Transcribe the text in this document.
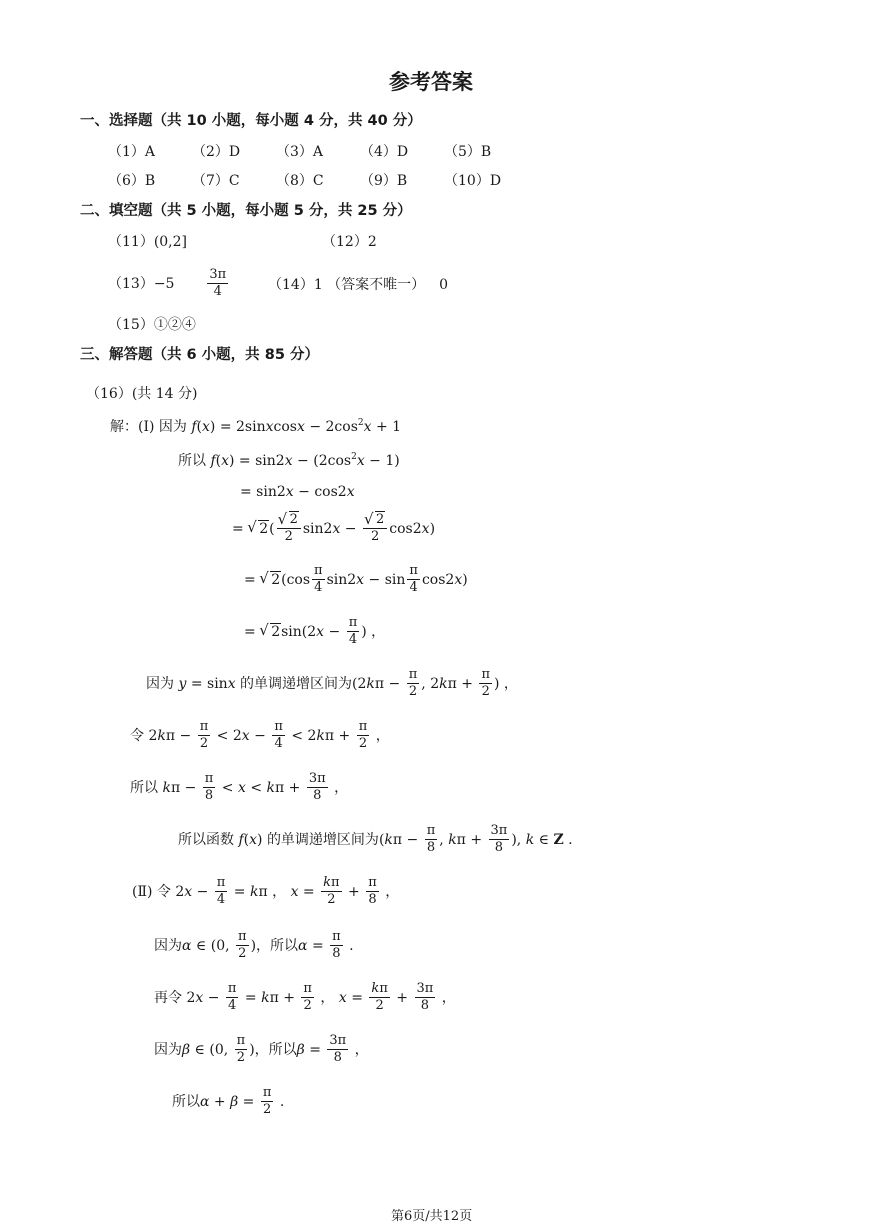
参考答案
一、选择题（共 10 小题，每小题 4 分，共 40 分）
（1）A	（2）D	（3）A	（4）D	（5）B
（6）B	（7）C	（8）C	（9）B	（10）D
二、填空题（共 5 小题，每小题 5 分，共 25 分）
（11）(0,2]	（12）2
（13）−5	$\frac{3\pi}{4}$	（14）1 （答案不唯一） 0
（15）①②④
三、解答题（共 6 小题，共 85 分）
（16）(共 14 分)
解：(Ⅰ) 因为 f(x) = 2sinxcosx − $2\cos^2x + 1$
所以 $f(x) = \sin 2x - (2\cos^2x - 1)$
= sin2x − cos2x
= √ 2( √ $\frac{2}{2} \sin 2x$ − √ $\frac{2}{2} \cos 2x$)
= √ $2(\cos \frac{\pi}{4} \sin 2x - \sin \frac{\pi}{4} \cos 2x)$
= √ $2\sin(2x - \frac{\pi}{4}$ ) ，
因为 y = sinx 的单调递增区间为($2k\pi - \frac{\pi}{2}$ , $2k\pi + \frac{\pi}{2}$ ) ，
令 $2k\pi - \frac{\pi}{2} < 2x - \frac{\pi}{4} < 2k\pi + \frac{\pi}{2}$ ，
所以 $k\pi - \frac{\pi}{8} < x < k\pi + \frac{3\pi}{8}$ ，
所以函数 f(x) 的单调递增区间为($k\pi - \frac{\pi}{8}$ , $k\pi + \frac{3\pi}{8}$ ), k ∈ Z .
(Ⅱ) 令 $2x - \frac{\pi}{4} = k\pi$ ， $x = \frac{k\pi}{2} + \frac{\pi}{8}$ ，
因为α ∈ (0, $\frac{\pi}{2}$ )，所以$\alpha = \frac{\pi}{8}$ .
再令 $2x - \frac{\pi}{4} = k\pi + \frac{\pi}{2}$ ， $x = \frac{k\pi}{2} + \frac{3\pi}{8}$ ，
因为β ∈ (0, $\frac{\pi}{2}$ )，所以$\beta = \frac{3\pi}{8}$ ，
所以$\alpha + \beta = \frac{\pi}{2}$ .
第6页/共12页
